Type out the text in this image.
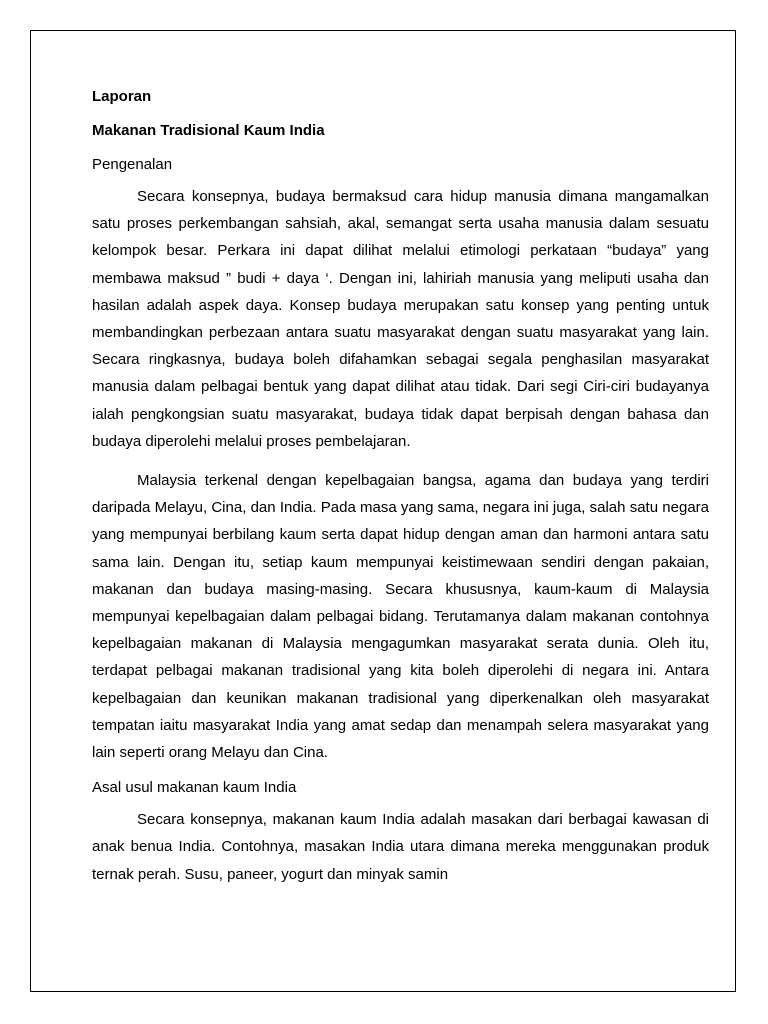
Laporan

Makanan Tradisional Kaum India

Pengenalan

Secara konsepnya, budaya bermaksud cara hidup manusia dimana mangamalkan satu proses perkembangan sahsiah, akal, semangat serta usaha manusia dalam sesuatu kelompok besar. Perkara ini dapat dilihat melalui etimologi perkataan “budaya” yang membawa maksud ” budi + daya ‘. Dengan ini, lahiriah manusia yang meliputi usaha dan hasilan adalah aspek daya. Konsep budaya merupakan satu konsep yang penting untuk membandingkan perbezaan antara suatu masyarakat dengan suatu masyarakat yang lain. Secara ringkasnya, budaya boleh difahamkan sebagai segala penghasilan masyarakat manusia dalam pelbagai bentuk yang dapat dilihat atau tidak. Dari segi Ciri-ciri budayanya ialah pengkongsian suatu masyarakat, budaya tidak dapat berpisah dengan bahasa dan budaya diperolehi melalui proses pembelajaran.

Malaysia terkenal dengan kepelbagaian bangsa, agama dan budaya yang terdiri daripada Melayu, Cina, dan India. Pada masa yang sama, negara ini juga, salah satu negara yang mempunyai berbilang kaum serta dapat hidup dengan aman dan harmoni antara satu sama lain. Dengan itu, setiap kaum mempunyai keistimewaan sendiri dengan pakaian, makanan dan budaya masing-masing. Secara khususnya, kaum-kaum di Malaysia mempunyai kepelbagaian dalam pelbagai bidang. Terutamanya dalam makanan contohnya kepelbagaian makanan di Malaysia mengagumkan masyarakat serata dunia. Oleh itu, terdapat pelbagai makanan tradisional yang kita boleh diperolehi di negara ini. Antara kepelbagaian dan keunikan makanan tradisional yang diperkenalkan oleh masyarakat tempatan iaitu masyarakat India yang amat sedap dan menampah selera masyarakat yang lain seperti orang Melayu dan Cina.

Asal usul makanan kaum India

Secara konsepnya, makanan kaum India adalah masakan dari berbagai kawasan di anak benua India. Contohnya, masakan India utara dimana mereka menggunakan produk ternak perah. Susu, paneer, yogurt dan minyak samin
